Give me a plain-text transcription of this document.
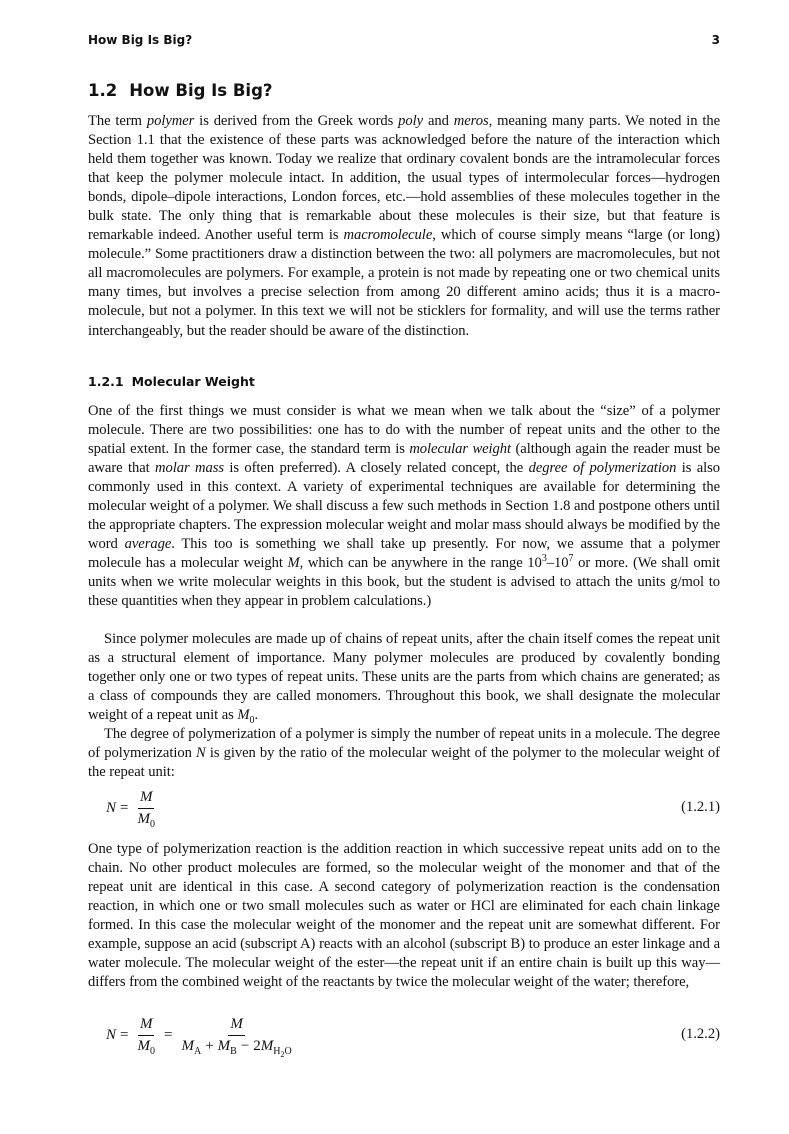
How Big Is Big?	3
1.2 How Big Is Big?

The term polymer is derived from the Greek words poly and meros, meaning many parts. We noted in the Section 1.1 that the existence of these parts was acknowledged before the nature of the interaction which held them together was known. Today we realize that ordinary covalent bonds are the intramolecular forces that keep the polymer molecule intact. In addition, the usual types of intermolecular forces—hydrogen bonds, dipole–dipole interactions, London forces, etc.—hold assemblies of these molecules together in the bulk state. The only thing that is remarkable about these molecules is their size, but that feature is remarkable indeed. Another useful term is macromolecule, which of course simply means “large (or long) molecule.” Some practitioners draw a distinction between the two: all polymers are macromolecules, but not all macromolecules are polymers. For example, a protein is not made by repeating one or two chemical units many times, but involves a precise selection from among 20 different amino acids; thus it is a macro-molecule, but not a polymer. In this text we will not be sticklers for formality, and will use the terms rather interchangeably, but the reader should be aware of the distinction.

1.2.1 Molecular Weight

One of the first things we must consider is what we mean when we talk about the “size” of a polymer molecule. There are two possibilities: one has to do with the number of repeat units and the other to the spatial extent. In the former case, the standard term is molecular weight (although again the reader must be aware that molar mass is often preferred). A closely related concept, the degree of polymerization is also commonly used in this context. A variety of experimental techniques are available for determining the molecular weight of a polymer. We shall discuss a few such methods in Section 1.8 and postpone others until the appropriate chapters. The expression molecular weight and molar mass should always be modified by the word average. This too is something we shall take up presently. For now, we assume that a polymer molecule has a molecular weight M, which can be anywhere in the range $10^3-10^7$ or more. (We shall omit units when we write molecular weights in this book, but the student is advised to attach the units g/mol to these quantities when they appear in problem calculations.)

Since polymer molecules are made up of chains of repeat units, after the chain itself comes the repeat unit as a structural element of importance. Many polymer molecules are produced by covalently bonding together only one or two types of repeat units. These units are the parts from which chains are generated; as a class of compounds they are called monomers. Throughout this book, we shall designate the molecular weight of a repeat unit as $M_0$.

The degree of polymerization of a polymer is simply the number of repeat units in a molecule. The degree of polymerization N is given by the ratio of the molecular weight of the polymer to the molecular weight of the repeat unit:

$N = \frac{M}{M_0}$	(1.2.1)

One type of polymerization reaction is the addition reaction in which successive repeat units add on to the chain. No other product molecules are formed, so the molecular weight of the monomer and that of the repeat unit are identical in this case. A second category of polymerization reaction is the condensation reaction, in which one or two small molecules such as water or HCl are eliminated for each chain linkage formed. In this case the molecular weight of the monomer and the repeat unit are somewhat different. For example, suppose an acid (subscript A) reacts with an alcohol (subscript B) to produce an ester linkage and a water molecule. The molecular weight of the ester—the repeat unit if an entire chain is built up this way—differs from the combined weight of the reactants by twice the molecular weight of the water; therefore,

$N = \frac{M}{M_0} = \frac{M}{M_A + M_B - 2M_{H_2O}}$	(1.2.2)
